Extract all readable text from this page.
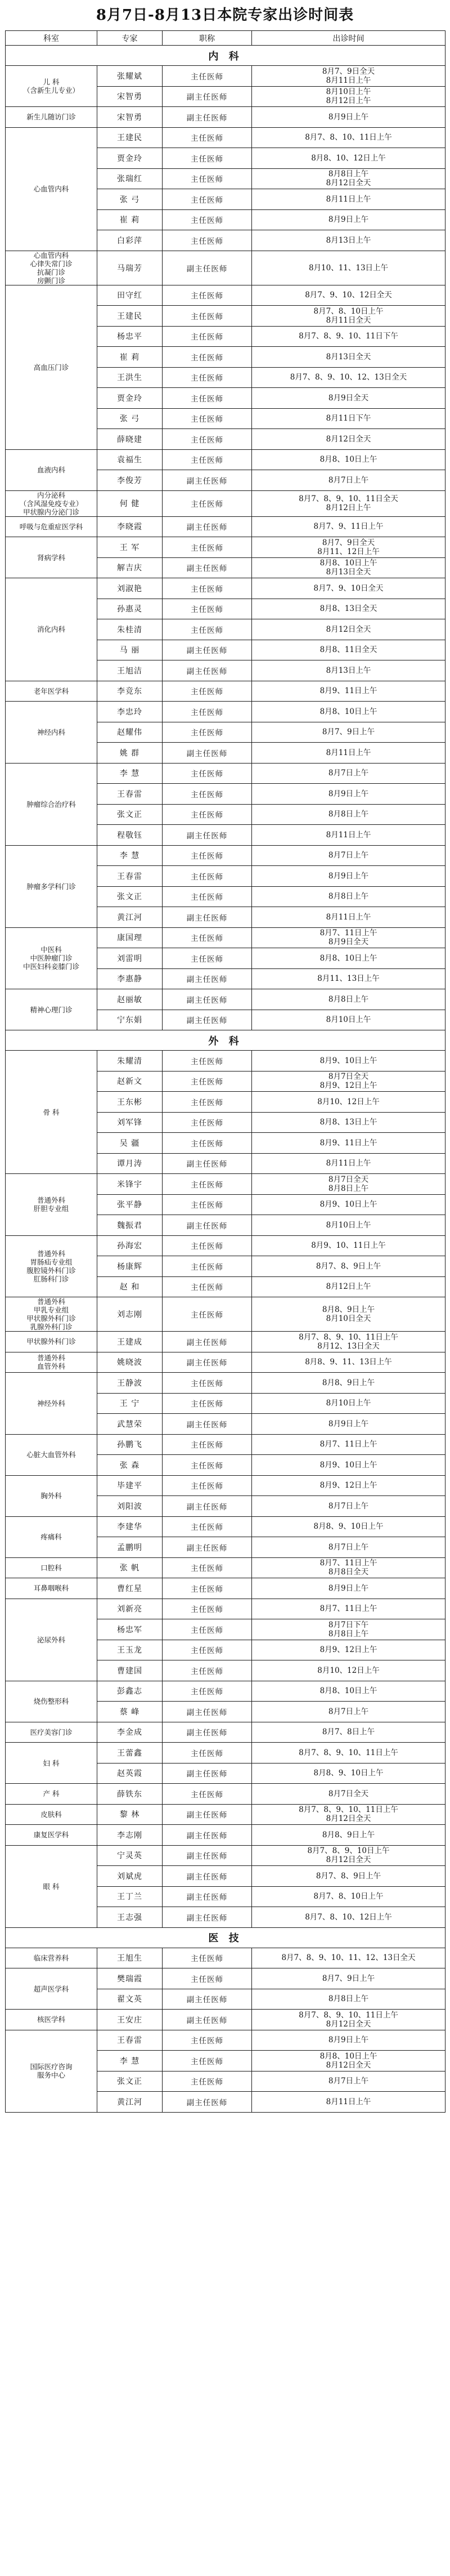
8月7日-8月13日本院专家出诊时间表
科室	专家	职称	出诊时间
内 科			

儿 科
（含新生儿专业）	张耀斌	主任医师	8月7、9日全天
8月11日上午

	宋智勇	副主任医师	8月10日上午
8月12日上午

新生儿随访门诊	宋智勇	副主任医师	8月9日上午

心血管内科	王建民	主任医师	8月7、8、10、11日上午

	贾金玲	主任医师	8月8、10、12日上午

	张瑞红	主任医师	8月8日上午
8月12日全天

	张 弓	主任医师	8月11日上午

	崔 莉	主任医师	8月9日上午

	白彩萍	主任医师	8月13日上午

心血管内科
心律失常门诊
抗凝门诊
房颤门诊	马瑞芳	副主任医师	8月10、11、13日上午

高血压门诊	田守红	主任医师	8月7、9、10、12日全天

	王建民	主任医师	8月7、8、10日上午
8月11日全天

	杨忠平	主任医师	8月7、8、9、10、11日下午

	崔 莉	主任医师	8月13日全天

	王洪生	主任医师	8月7、8、9、10、12、13日全天

	贾金玲	主任医师	8月9日全天

	张 弓	主任医师	8月11日下午

	薛晓建	主任医师	8月12日全天

血液内科	袁福生	主任医师	8月8、10日上午

	李俊芳	副主任医师	8月7日上午

内分泌科
（含风湿免疫专业）
甲状腺内分泌门诊	何 健	主任医师	8月7、8、9、10、11日全天
8月12日上午

呼吸与危重症医学科	李晓霞	副主任医师	8月7、9、11日上午

肾病学科	王 军	主任医师	8月7、9日全天
8月11、12日上午

	解吉庆	副主任医师	8月8、10日上午
8月13日全天

消化内科	刘淑艳	主任医师	8月7、9、10日全天

	孙惠灵	主任医师	8月8、13日全天

	朱桂清	主任医师	8月12日全天

	马 丽	副主任医师	8月8、11日全天

	王旭洁	副主任医师	8月13日上午

老年医学科	李竞东	主任医师	8月9、11日上午

神经内科	李忠玲	主任医师	8月8、10日上午

	赵耀伟	主任医师	8月7、9日上午

	姚 群	副主任医师	8月11日上午

肿瘤综合治疗科	李 慧	主任医师	8月7日上午

	王春雷	主任医师	8月9日上午

	张文正	主任医师	8月8日上午

	程敬钰	副主任医师	8月11日上午

肿瘤多学科门诊	李 慧	主任医师	8月7日上午

	王春雷	主任医师	8月9日上午

	张文正	主任医师	8月8日上午

	黄江河	副主任医师	8月11日上午

中医科
中医肿瘤门诊
中医妇科妾膝门诊	康国理	主任医师	8月7、11日上午
8月9日全天

	刘雷明	主任医师	8月8、10日上午

	李惠静	副主任医师	8月11、13日上午

精神心理门诊	赵丽敏	副主任医师	8月8日上午

	宁东娟	副主任医师	8月10日上午

外 科			

骨 科	朱耀清	主任医师	8月9、10日上午

	赵新文	主任医师	8月7日全天
8月9、12日上午

	王东彬	主任医师	8月10、12日上午

	刘军锋	主任医师	8月8、13日上午

	吴 疆	主任医师	8月9、11日上午

	谭月涛	副主任医师	8月11日上午

普通外科
肝胆专业组	米锋宇	主任医师	8月7日全天
8月8日上午

	张平静	主任医师	8月9、10日上午

	魏振君	副主任医师	8月10日上午

普通外科
胃肠疝专业组
腹腔镜外科门诊
肛肠科门诊	孙海宏	主任医师	8月9、10、11日上午

	杨康辉	主任医师	8月7、8、9日上午

	赵 和	主任医师	8月12日上午

普通外科
甲乳专业组
甲状腺外科门诊
乳腺外科门诊	刘志刚	主任医师	8月8、9日上午
8月10日全天

甲状腺外科门诊	王建成	副主任医师	8月7、8、9、10、11日上午
8月12、13日全天

普通外科
血管外科	姚晓波	副主任医师	8月8、9、11、13日上午

神经外科	王静波	主任医师	8月8、9日上午

	王 宁	主任医师	8月10日上午

	武慧荣	副主任医师	8月9日上午

心脏大血管外科	孙鹏飞	主任医师	8月7、11日上午

	张 森	主任医师	8月9、10日上午

胸外科	毕建平	主任医师	8月9、12日上午

	刘阳波	副主任医师	8月7日上午

疼痛科	李建华	主任医师	8月8、9、10日上午

	孟鹏明	副主任医师	8月7日上午

口腔科	张 帆	主任医师	8月7、11日上午
8月8日全天

耳鼻咽喉科	曹红星	主任医师	8月9日上午

泌尿外科	刘新亮	主任医师	8月7、11日上午

	杨忠军	主任医师	8月7日下午
8月8日上午

	王玉龙	主任医师	8月9、12日上午

	曹建国	主任医师	8月10、12日上午

烧伤整形科	彭鑫志	主任医师	8月8、10日上午

	蔡 峰	副主任医师	8月7日上午

医疗美容门诊	李金成	副主任医师	8月7、8日上午

妇 科	王蕾鑫	主任医师	8月7、8、9、10、11日上午

	赵英霞	副主任医师	8月8、9、10日上午

产 科	薛铁东	主任医师	8月7日全天

皮肤科	黎 林	副主任医师	8月7、8、9、10、11日上午
8月12日全天

康复医学科	李志刚	副主任医师	8月8、9日上午

眼 科	宁灵英	副主任医师	8月7、8、9、10日上午
8月12日全天

	刘斌虎	副主任医师	8月7、8、9日上午

	王丁兰	副主任医师	8月7、8、10日上午

	王志强	副主任医师	8月7、8、10、12日上午

医 技			

临床营养科	王旭生	主任医师	8月7、8、9、10、11、12、13日全天

超声医学科	樊瑞霞	主任医师	8月7、9日上午

	翟文英	副主任医师	8月8日上午

核医学科	王安庄	副主任医师	8月7、8、9、10、11日上午
8月12日全天

国际医疗咨询
服务中心	王春雷	主任医师	8月9日上午

	李 慧	主任医师	8月8、10日上午
8月12日全天

	张文正	主任医师	8月7日上午

	黄江河	副主任医师	8月11日上午
